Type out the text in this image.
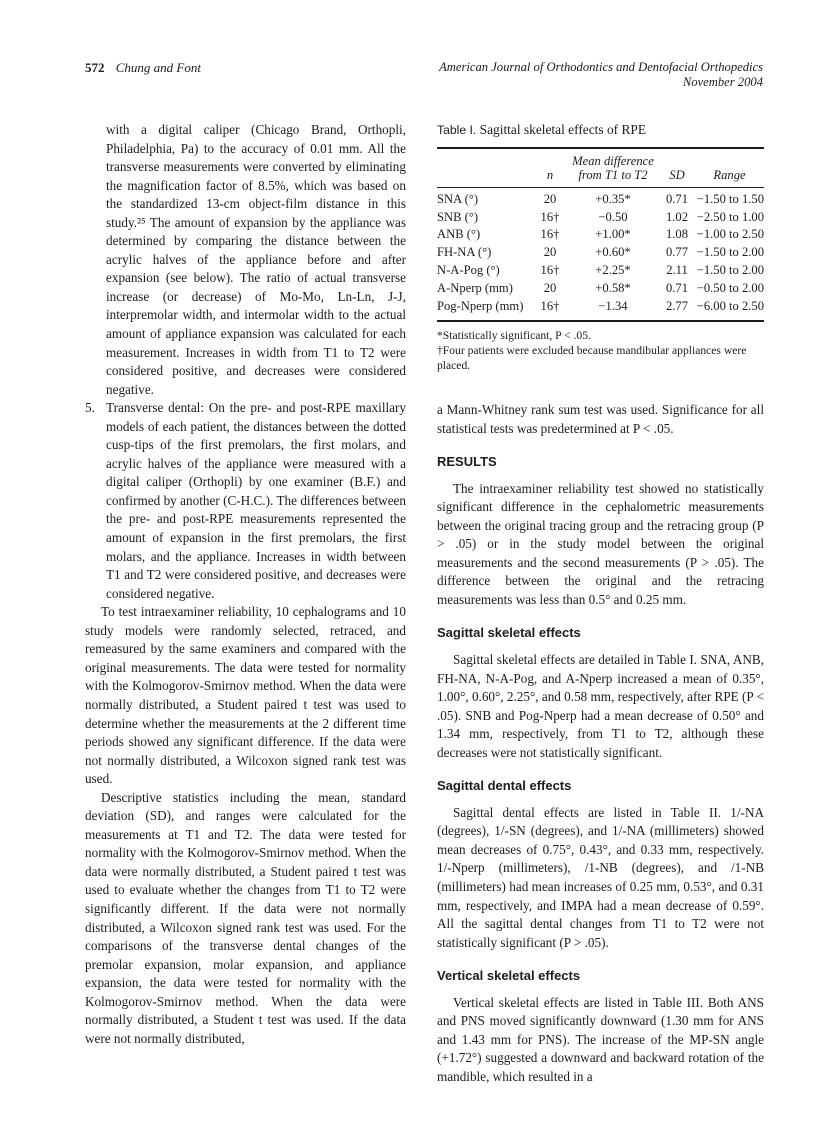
572 Chung and Font	American Journal of Orthodontics and Dentofacial Orthopedics
November 2004

with a digital caliper (Chicago Brand, Orthopli, Philadelphia, Pa) to the accuracy of 0.01 mm. All the transverse measurements were converted by eliminating the magnification factor of 8.5%, which was based on the standardized 13-cm object-film distance in this study.²⁵ The amount of expansion by the appliance was determined by comparing the distance between the acrylic halves of the appliance before and after expansion (see below). The ratio of actual transverse increase (or decrease) of Mo-Mo, Ln-Ln, J-J, interpremolar width, and intermolar width to the actual amount of appliance expansion was calculated for each measurement. Increases in width from T1 to T2 were considered positive, and decreases were considered negative.

5. Transverse dental: On the pre- and post-RPE maxillary models of each patient, the distances between the dotted cusp-tips of the first premolars, the first molars, and acrylic halves of the appliance were measured with a digital caliper (Orthopli) by one examiner (B.F.) and confirmed by another (C-H.C.). The differences between the pre- and post-RPE measurements represented the amount of expansion in the first premolars, the first molars, and the appliance. Increases in width between T1 and T2 were considered positive, and decreases were considered negative.

To test intraexaminer reliability, 10 cephalograms and 10 study models were randomly selected, retraced, and remeasured by the same examiners and compared with the original measurements. The data were tested for normality with the Kolmogorov-Smirnov method. When the data were normally distributed, a Student paired t test was used to determine whether the measurements at the 2 different time periods showed any significant difference. If the data were not normally distributed, a Wilcoxon signed rank test was used.

Descriptive statistics including the mean, standard deviation (SD), and ranges were calculated for the measurements at T1 and T2. The data were tested for normality with the Kolmogorov-Smirnov method. When the data were normally distributed, a Student paired t test was used to evaluate whether the changes from T1 to T2 were significantly different. If the data were not normally distributed, a Wilcoxon signed rank test was used. For the comparisons of the transverse dental changes of the premolar expansion, molar expansion, and appliance expansion, the data were tested for normality with the Kolmogorov-Smirnov method. When the data were normally distributed, a Student t test was used. If the data were not normally distributed,

Table I. Sagittal skeletal effects of RPE
	n	Mean difference
from T1 to T2	SD	Range
SNA (°)	20	+0.35*	0.71	−1.50 to 1.50
SNB (°)	16†	−0.50	1.02	−2.50 to 1.00
ANB (°)	16†	+1.00*	1.08	−1.00 to 2.50
FH-NA (°)	20	+0.60*	0.77	−1.50 to 2.00
N-A-Pog (°)	16†	+2.25*	2.11	−1.50 to 2.00
A-Nperp (mm)	20	+0.58*	0.71	−0.50 to 2.00
Pog-Nperp (mm)	16†	−1.34	2.77	−6.00 to 2.50
*Statistically significant, P < .05.
†Four patients were excluded because mandibular appliances were placed.

a Mann-Whitney rank sum test was used. Significance for all statistical tests was predetermined at P < .05.

RESULTS

The intraexaminer reliability test showed no statistically significant difference in the cephalometric measurements between the original tracing group and the retracing group (P > .05) or in the study model between the original measurements and the second measurements (P > .05). The difference between the original and the retracing measurements was less than 0.5° and 0.25 mm.

Sagittal skeletal effects

Sagittal skeletal effects are detailed in Table I. SNA, ANB, FH-NA, N-A-Pog, and A-Nperp increased a mean of 0.35°, 1.00°, 0.60°, 2.25°, and 0.58 mm, respectively, after RPE (P < .05). SNB and Pog-Nperp had a mean decrease of 0.50° and 1.34 mm, respectively, from T1 to T2, although these decreases were not statistically significant.

Sagittal dental effects

Sagittal dental effects are listed in Table II. 1/-NA (degrees), 1/-SN (degrees), and 1/-NA (millimeters) showed mean decreases of 0.75°, 0.43°, and 0.33 mm, respectively. 1/-Nperp (millimeters), /1-NB (degrees), and /1-NB (millimeters) had mean increases of 0.25 mm, 0.53°, and 0.31 mm, respectively, and IMPA had a mean decrease of 0.59°. All the sagittal dental changes from T1 to T2 were not statistically significant (P > .05).

Vertical skeletal effects

Vertical skeletal effects are listed in Table III. Both ANS and PNS moved significantly downward (1.30 mm for ANS and 1.43 mm for PNS). The increase of the MP-SN angle (+1.72°) suggested a downward and backward rotation of the mandible, which resulted in a
